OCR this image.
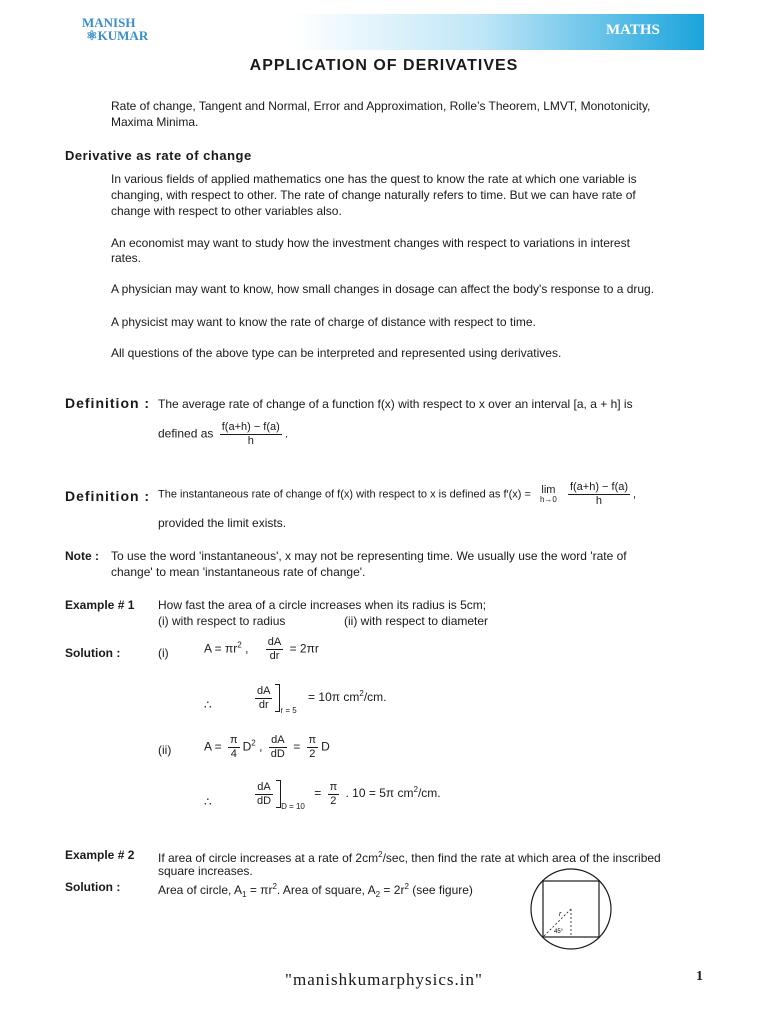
MANISH
⚛KUMAR	MATHS
APPLICATION OF DERIVATIVES
Rate of change, Tangent and Normal, Error and Approximation, Rolle’s Theorem, LMVT, Monotonicity,
Maxima Minima.
Derivative as rate of change
In various fields of applied mathematics one has the quest to know the rate at which one variable is
changing, with respect to other. The rate of change naturally refers to time. But we can have rate of
change with respect to other variables also.
An economist may want to study how the investment changes with respect to variations in interest
rates.
A physician may want to know, how small changes in dosage can affect the body's response to a drug.
A physicist may want to know the rate of charge of distance with respect to time.
All questions of the above type can be interpreted and represented using derivatives.
Definition : The average rate of change of a function f(x) with respect to x over an interval [a, a + h] is
defined as $\frac{f(a+h) - f(a)}{h}$ .
Definition : The instantaneous rate of change of f(x) with respect to x is defined as f′(x) = lim
h→0
$\frac{f(a+h) - f(a)}{h}$ ,
provided the limit exists.
Note : To use the word 'instantaneous', x may not be representing time. We usually use the word 'rate of
change' to mean 'instantaneous rate of change'.
Example # 1 How fast the area of a circle increases when its radius is 5cm;
(i) with respect to radius	(ii) with respect to diameter
Solution :	(i)	$A = \pi r^2$ , $\frac{dA}{dr} = 2\pi r$
∴	$\frac{dA}{dr} _{r = 5} = 10\pi$ $cm^2/cm$.
(ii)	$A = \frac{\pi}{4} D^2$ , $\frac{dA}{dD} = \frac{\pi}{2}$ D
∴	$\frac{dA}{dD} _{D = 10} = \frac{\pi}{2}$ . 10 = 5π $cm^2/cm$.
Example # 2 If area of circle increases at a rate of $2cm^2/\sec$, then find the rate at which area of the inscribed
square increases.
Solution :	Area of circle, $A_1 = \pi r^2$. Area of square, $A_2 = 2r^2$ (see figure)
45°
r
"manishkumarphysics.in"	1
